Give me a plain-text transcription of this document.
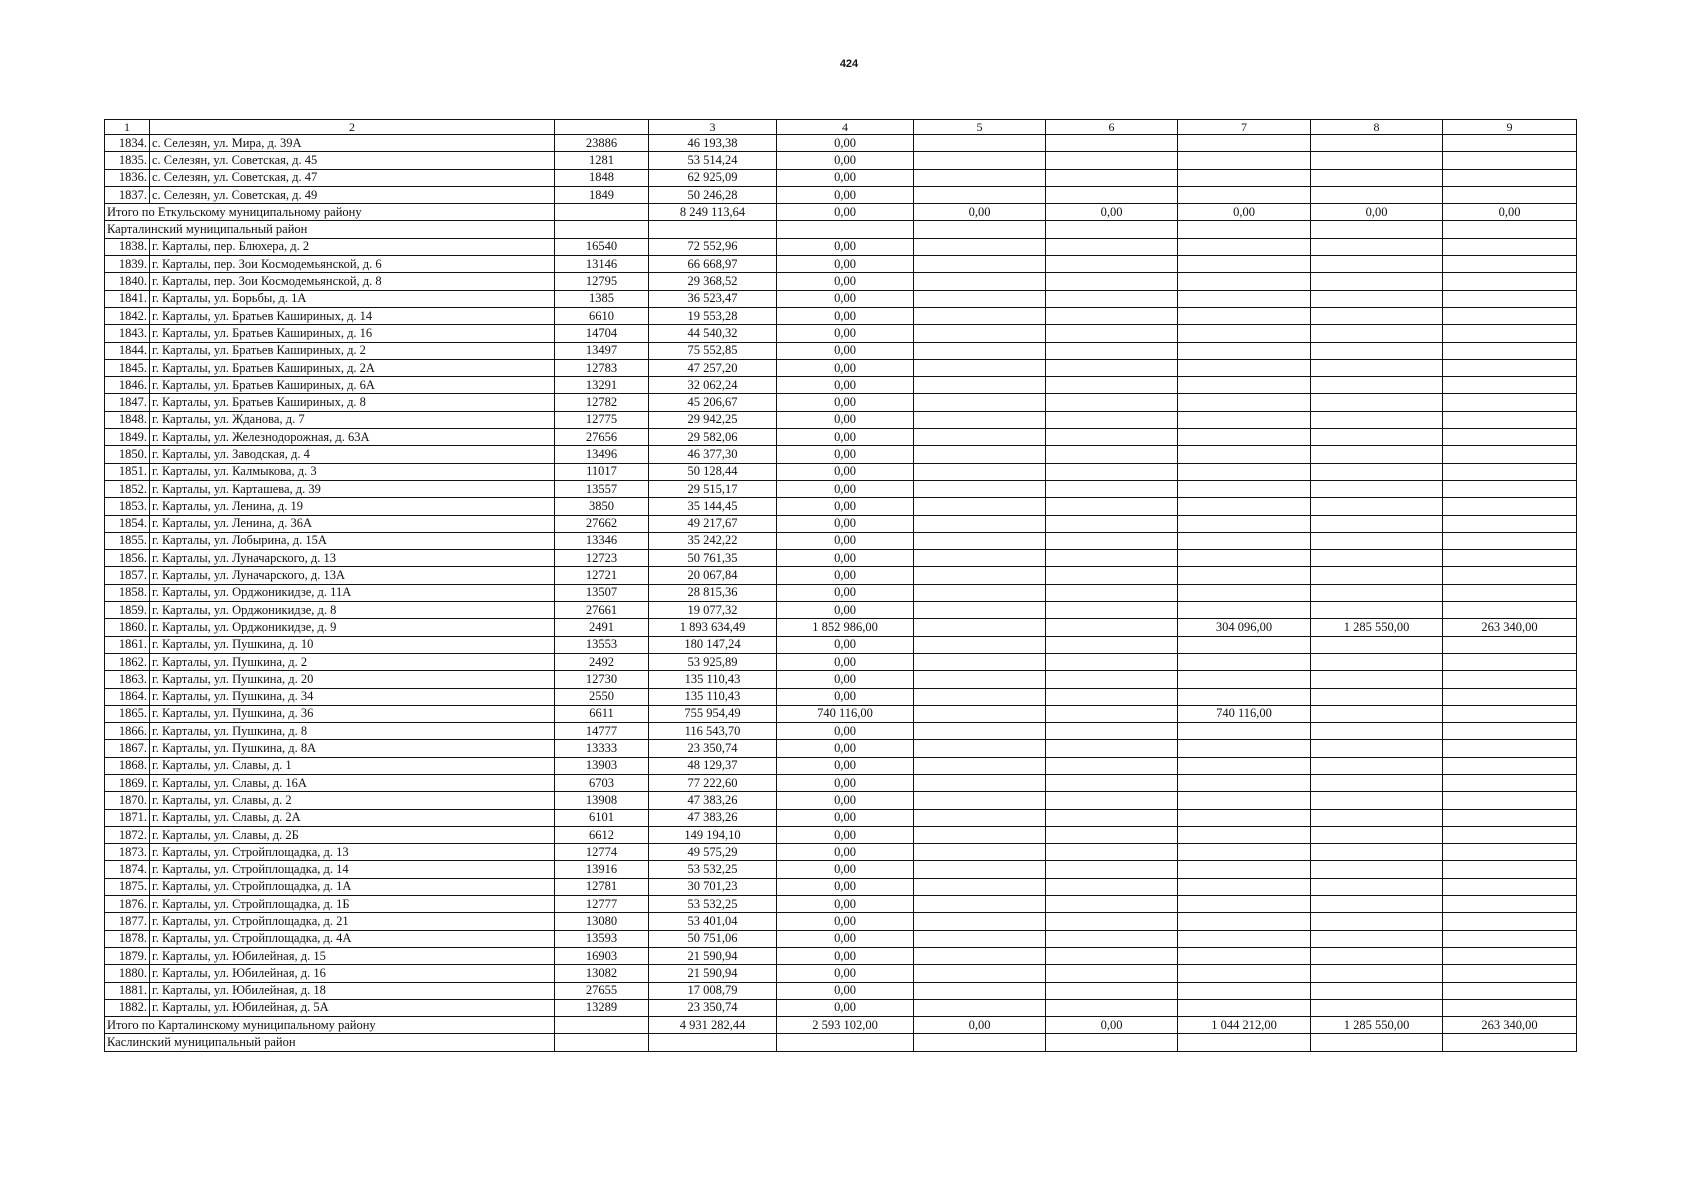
424
1	2		3	4	5	6	7	8	9
1834.	с. Селезян, ул. Мира, д. 39А	23886	46 193,38	0,00					
1835.	с. Селезян, ул. Советская, д. 45	1281	53 514,24	0,00					
1836.	с. Селезян, ул. Советская, д. 47	1848	62 925,09	0,00					
1837.	с. Селезян, ул. Советская, д. 49	1849	50 246,28	0,00					
Итого по Еткульскому муниципальному району			8 249 113,64	0,00	0,00	0,00	0,00	0,00	0,00
Карталинский муниципальный район									
1838.	г. Карталы, пер. Блюхера, д. 2	16540	72 552,96	0,00					
1839.	г. Карталы, пер. Зои Космодемьянской, д. 6	13146	66 668,97	0,00					
1840.	г. Карталы, пер. Зои Космодемьянской, д. 8	12795	29 368,52	0,00					
1841.	г. Карталы, ул. Борьбы, д. 1А	1385	36 523,47	0,00					
1842.	г. Карталы, ул. Братьев Кашириных, д. 14	6610	19 553,28	0,00					
1843.	г. Карталы, ул. Братьев Кашириных, д. 16	14704	44 540,32	0,00					
1844.	г. Карталы, ул. Братьев Кашириных, д. 2	13497	75 552,85	0,00					
1845.	г. Карталы, ул. Братьев Кашириных, д. 2А	12783	47 257,20	0,00					
1846.	г. Карталы, ул. Братьев Кашириных, д. 6А	13291	32 062,24	0,00					
1847.	г. Карталы, ул. Братьев Кашириных, д. 8	12782	45 206,67	0,00					
1848.	г. Карталы, ул. Жданова, д. 7	12775	29 942,25	0,00					
1849.	г. Карталы, ул. Железнодорожная, д. 63А	27656	29 582,06	0,00					
1850.	г. Карталы, ул. Заводская, д. 4	13496	46 377,30	0,00					
1851.	г. Карталы, ул. Калмыкова, д. 3	11017	50 128,44	0,00					
1852.	г. Карталы, ул. Карташева, д. 39	13557	29 515,17	0,00					
1853.	г. Карталы, ул. Ленина, д. 19	3850	35 144,45	0,00					
1854.	г. Карталы, ул. Ленина, д. 36А	27662	49 217,67	0,00					
1855.	г. Карталы, ул. Лобырина, д. 15А	13346	35 242,22	0,00					
1856.	г. Карталы, ул. Луначарского, д. 13	12723	50 761,35	0,00					
1857.	г. Карталы, ул. Луначарского, д. 13А	12721	20 067,84	0,00					
1858.	г. Карталы, ул. Орджоникидзе, д. 11А	13507	28 815,36	0,00					
1859.	г. Карталы, ул. Орджоникидзе, д. 8	27661	19 077,32	0,00					
1860.	г. Карталы, ул. Орджоникидзе, д. 9	2491	1 893 634,49	1 852 986,00			304 096,00	1 285 550,00	263 340,00
1861.	г. Карталы, ул. Пушкина, д. 10	13553	180 147,24	0,00					
1862.	г. Карталы, ул. Пушкина, д. 2	2492	53 925,89	0,00					
1863.	г. Карталы, ул. Пушкина, д. 20	12730	135 110,43	0,00					
1864.	г. Карталы, ул. Пушкина, д. 34	2550	135 110,43	0,00					
1865.	г. Карталы, ул. Пушкина, д. 36	6611	755 954,49	740 116,00			740 116,00		
1866.	г. Карталы, ул. Пушкина, д. 8	14777	116 543,70	0,00					
1867.	г. Карталы, ул. Пушкина, д. 8А	13333	23 350,74	0,00					
1868.	г. Карталы, ул. Славы, д. 1	13903	48 129,37	0,00					
1869.	г. Карталы, ул. Славы, д. 16А	6703	77 222,60	0,00					
1870.	г. Карталы, ул. Славы, д. 2	13908	47 383,26	0,00					
1871.	г. Карталы, ул. Славы, д. 2А	6101	47 383,26	0,00					
1872.	г. Карталы, ул. Славы, д. 2Б	6612	149 194,10	0,00					
1873.	г. Карталы, ул. Стройплощадка, д. 13	12774	49 575,29	0,00					
1874.	г. Карталы, ул. Стройплощадка, д. 14	13916	53 532,25	0,00					
1875.	г. Карталы, ул. Стройплощадка, д. 1А	12781	30 701,23	0,00					
1876.	г. Карталы, ул. Стройплощадка, д. 1Б	12777	53 532,25	0,00					
1877.	г. Карталы, ул. Стройплощадка, д. 21	13080	53 401,04	0,00					
1878.	г. Карталы, ул. Стройплощадка, д. 4А	13593	50 751,06	0,00					
1879.	г. Карталы, ул. Юбилейная, д. 15	16903	21 590,94	0,00					
1880.	г. Карталы, ул. Юбилейная, д. 16	13082	21 590,94	0,00					
1881.	г. Карталы, ул. Юбилейная, д. 18	27655	17 008,79	0,00					
1882.	г. Карталы, ул. Юбилейная, д. 5А	13289	23 350,74	0,00					
Итого по Карталинскому муниципальному району			4 931 282,44	2 593 102,00	0,00	0,00	1 044 212,00	1 285 550,00	263 340,00
Каслинский муниципальный район									
